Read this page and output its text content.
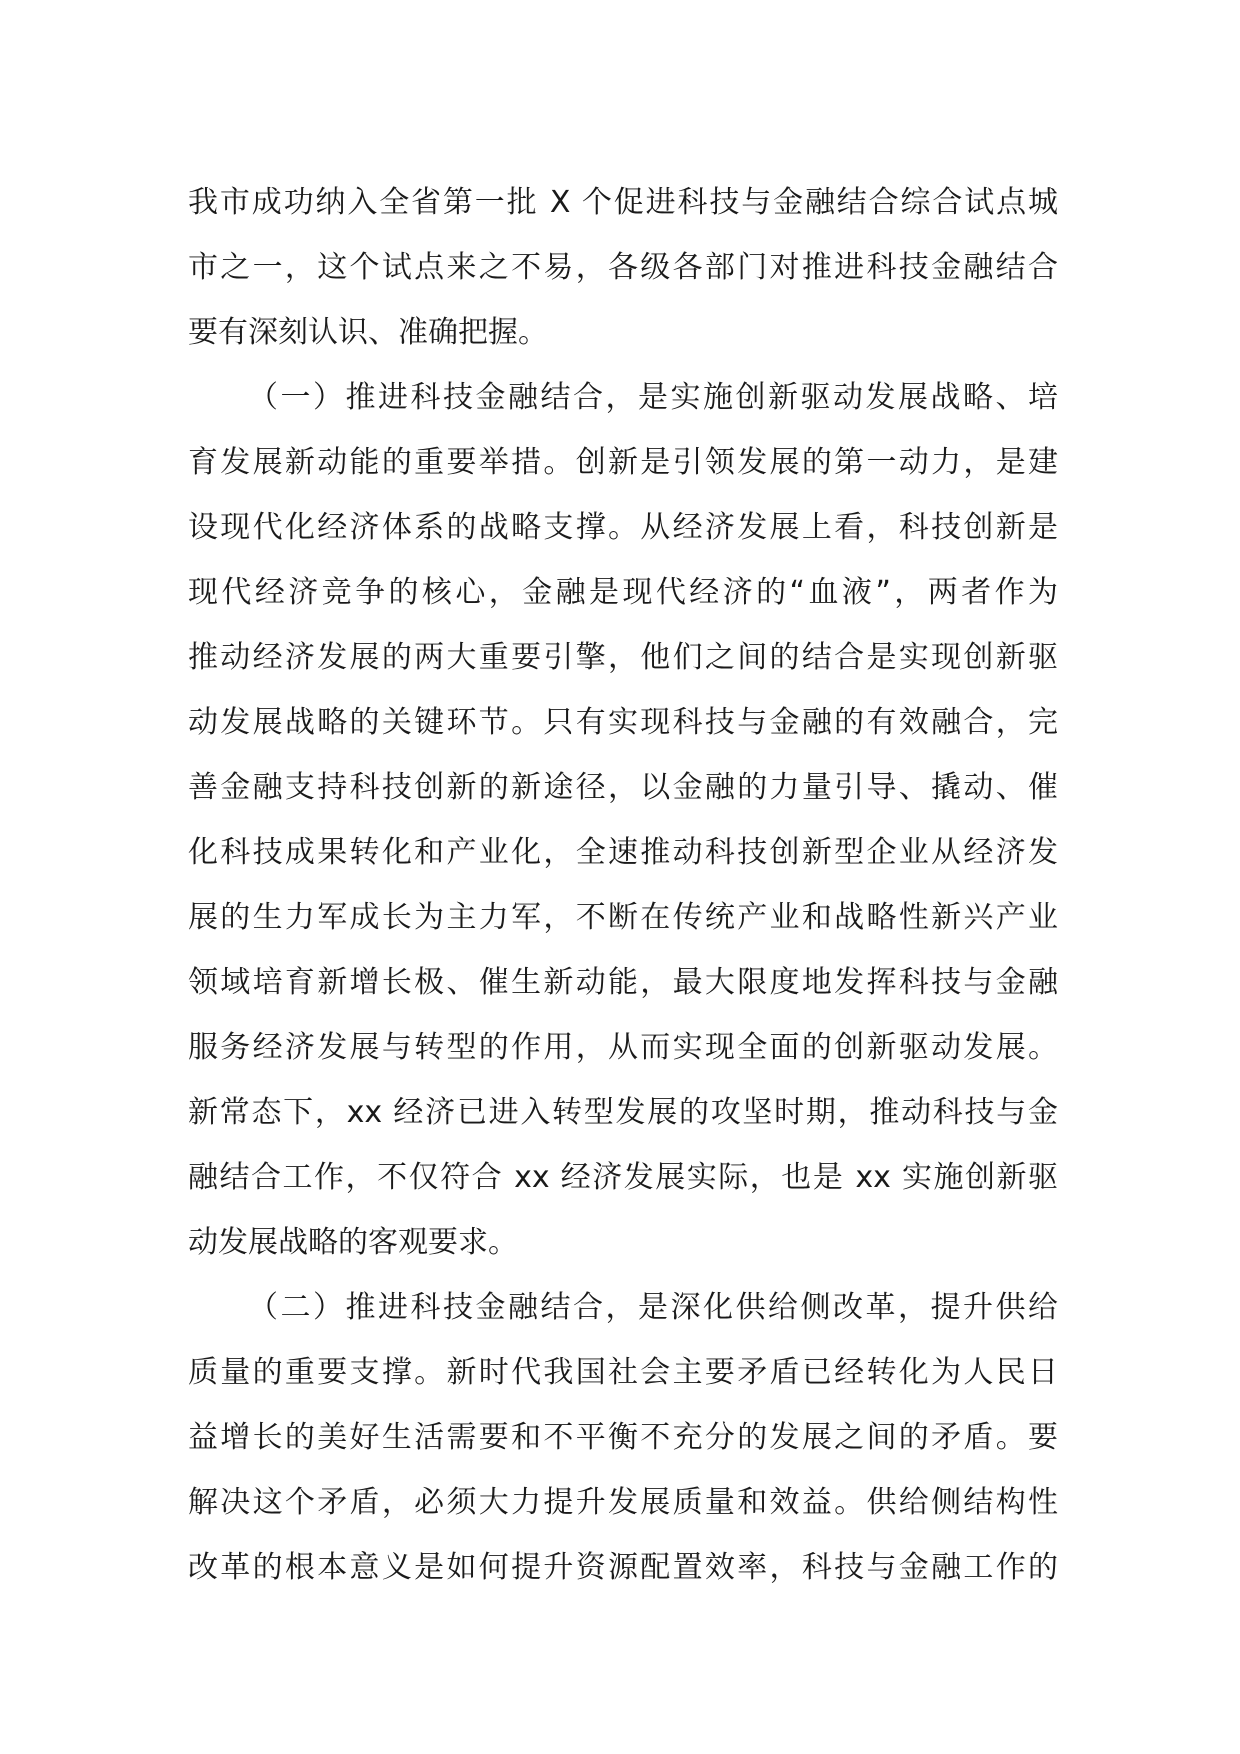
我市成功纳入全省第一批 X 个促进科技与金融结合综合试点城
市之一，这个试点来之不易，各级各部门对推进科技金融结合
要有深刻认识、准确把握。
（一）推进科技金融结合，是实施创新驱动发展战略、培
育发展新动能的重要举措。创新是引领发展的第一动力，是建
设现代化经济体系的战略支撑。从经济发展上看，科技创新是
现代经济竞争的核心，金融是现代经济的“血液”，两者作为
推动经济发展的两大重要引擎，他们之间的结合是实现创新驱
动发展战略的关键环节。只有实现科技与金融的有效融合，完
善金融支持科技创新的新途径，以金融的力量引导、撬动、催
化科技成果转化和产业化，全速推动科技创新型企业从经济发
展的生力军成长为主力军，不断在传统产业和战略性新兴产业
领域培育新增长极、催生新动能，最大限度地发挥科技与金融
服务经济发展与转型的作用，从而实现全面的创新驱动发展。
新常态下，xx 经济已进入转型发展的攻坚时期，推动科技与金
融结合工作，不仅符合 xx 经济发展实际，也是 xx 实施创新驱
动发展战略的客观要求。
（二）推进科技金融结合，是深化供给侧改革，提升供给
质量的重要支撑。新时代我国社会主要矛盾已经转化为人民日
益增长的美好生活需要和不平衡不充分的发展之间的矛盾。要
解决这个矛盾，必须大力提升发展质量和效益。供给侧结构性
改革的根本意义是如何提升资源配置效率，科技与金融工作的
